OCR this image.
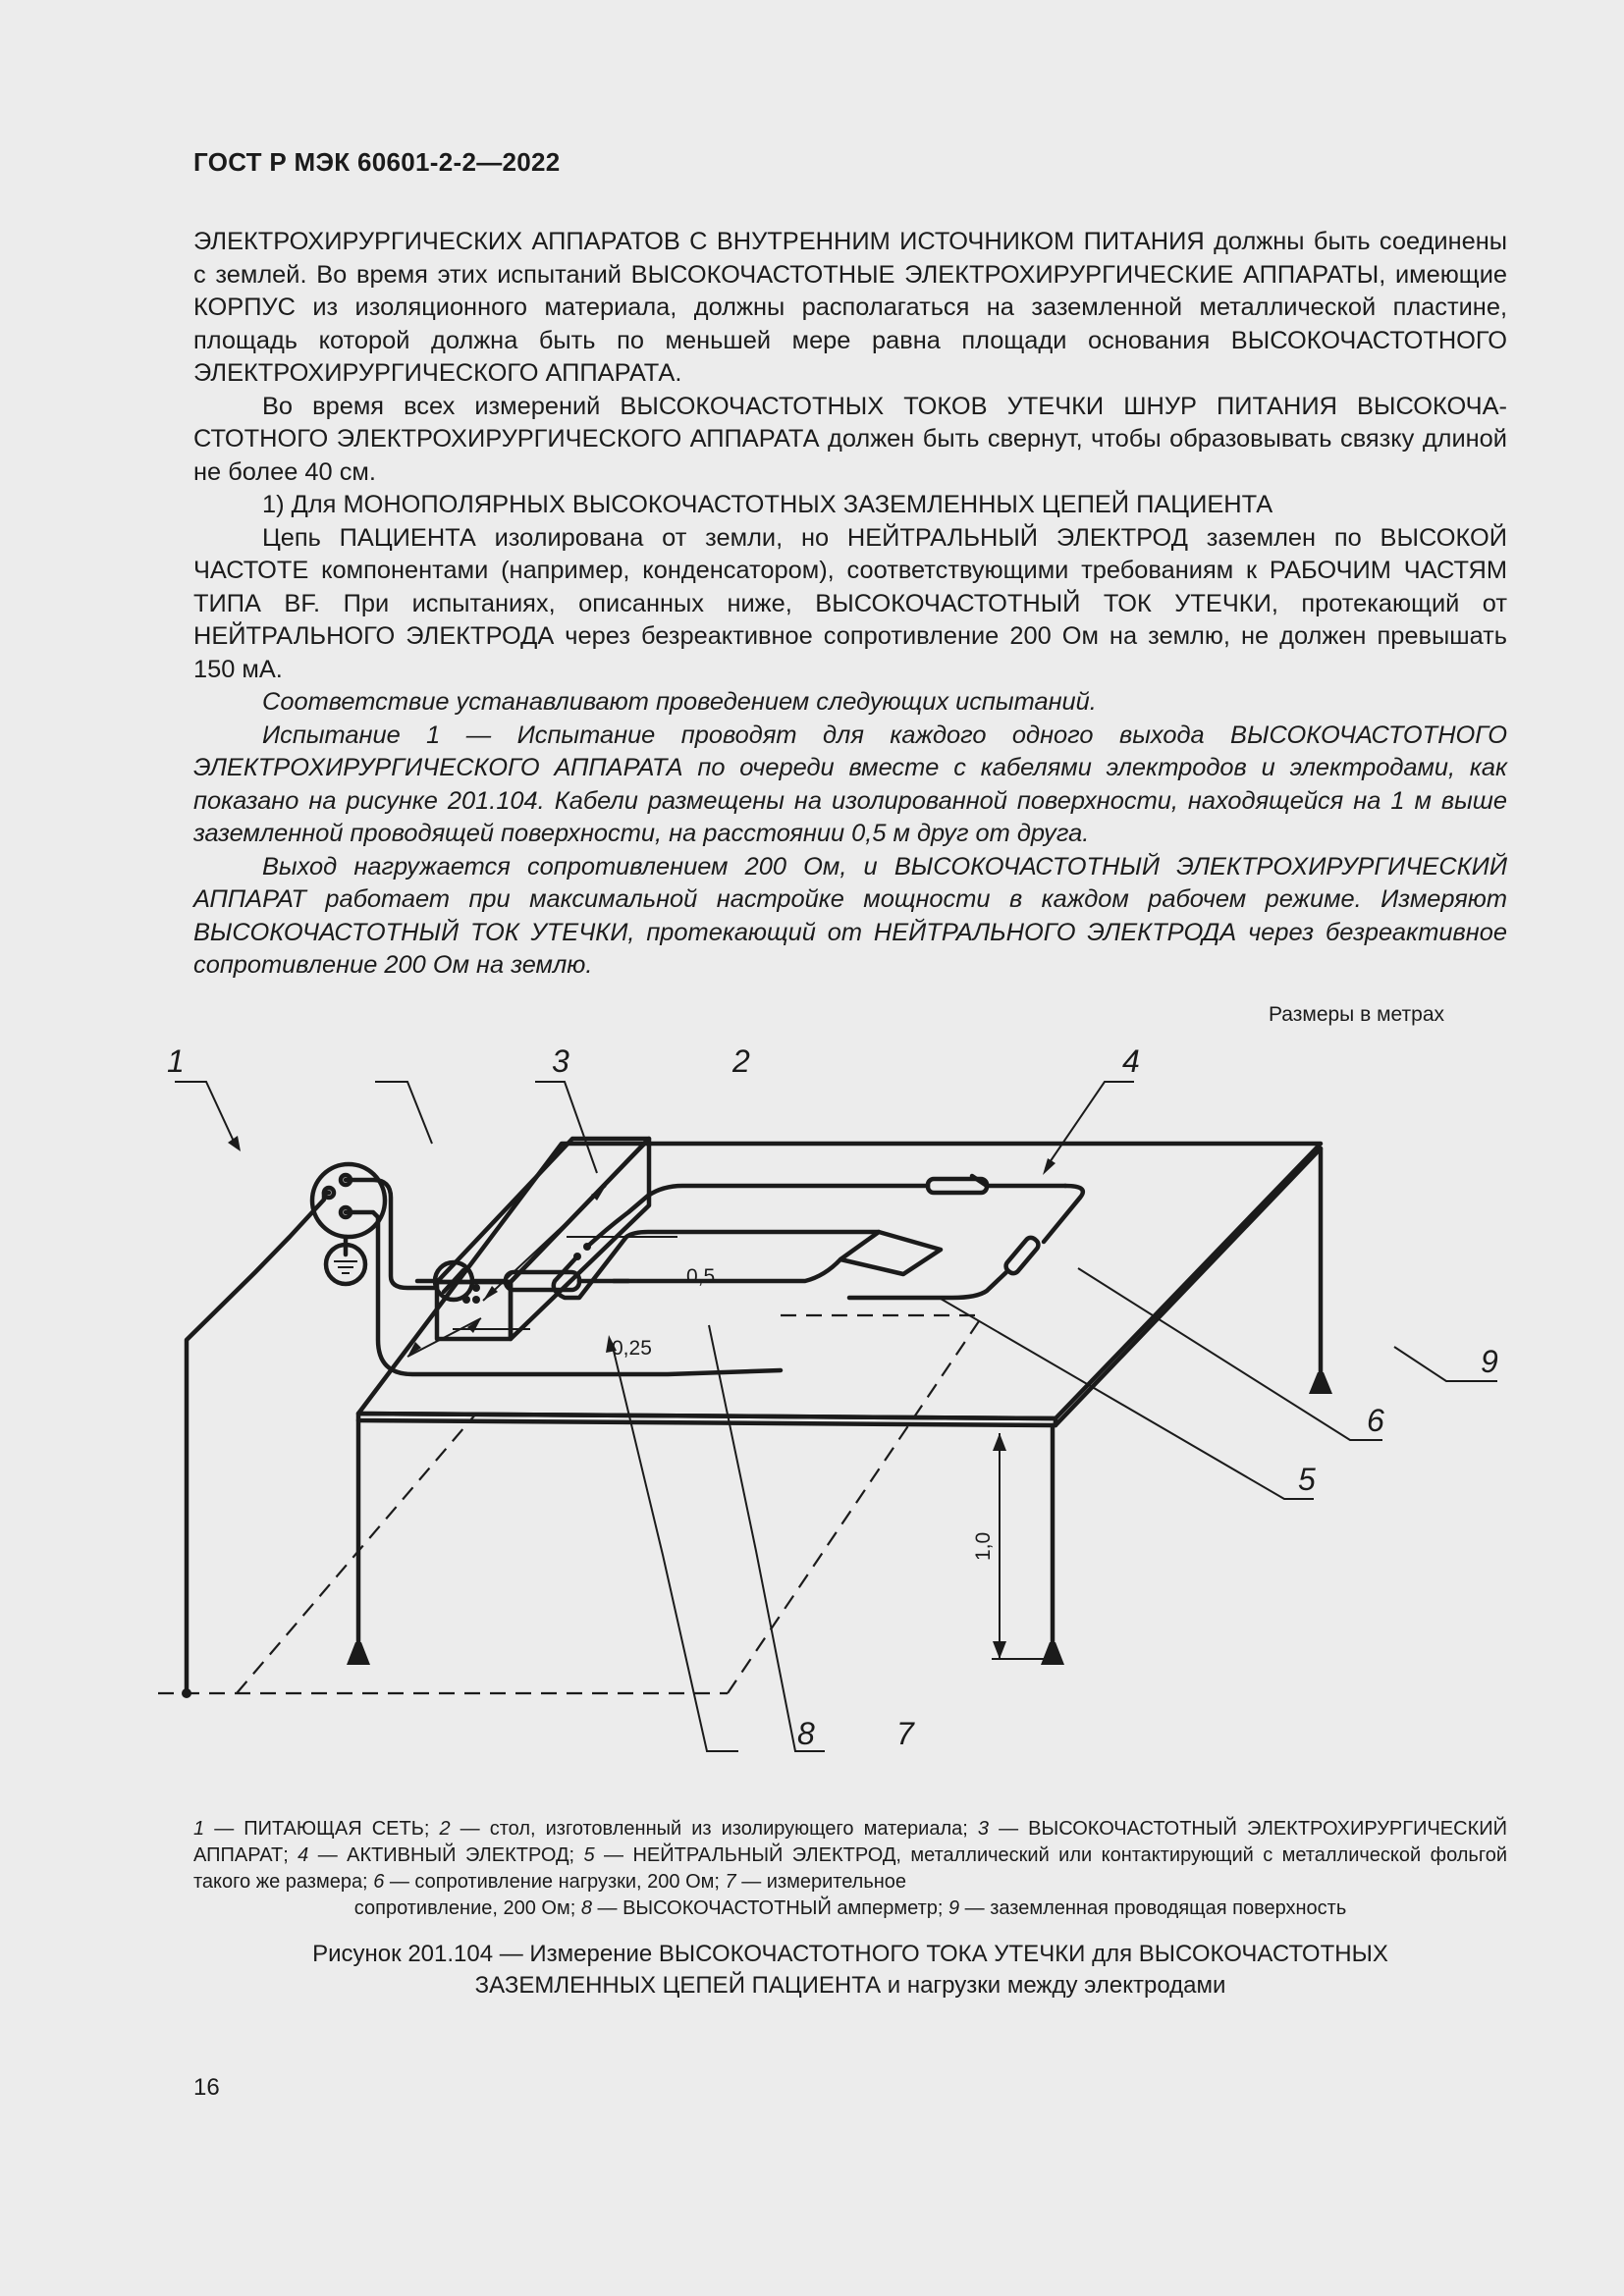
ГОСТ Р МЭК 60601-2-2—2022

ЭЛЕКТРОХИРУРГИЧЕСКИХ АППАРАТОВ С ВНУТРЕННИМ ИСТОЧНИКОМ ПИТАНИЯ должны быть соединены с землей. Во время этих испытаний ВЫСОКОЧАСТОТНЫЕ ЭЛЕКТРОХИРУРГИЧЕСКИЕ АППАРАТЫ, имеющие КОРПУС из изоляционного материала, должны располагаться на заземленной металлической пластине, площадь которой должна быть по меньшей мере равна площади основания ВЫСОКОЧАСТОТНОГО ЭЛЕКТРОХИРУРГИЧЕСКОГО АППАРАТА.

Во время всех измерений ВЫСОКОЧАСТОТНЫХ ТОКОВ УТЕЧКИ ШНУР ПИТАНИЯ ВЫСОКОЧАСТОТНОГО ЭЛЕКТРОХИРУРГИЧЕСКОГО АППАРАТА должен быть свернут, чтобы образовывать связку длиной не более 40 см.

1) Для МОНОПОЛЯРНЫХ ВЫСОКОЧАСТОТНЫХ ЗАЗЕМЛЕННЫХ ЦЕПЕЙ ПАЦИЕНТА

Цепь ПАЦИЕНТА изолирована от земли, но НЕЙТРАЛЬНЫЙ ЭЛЕКТРОД заземлен по ВЫСОКОЙ ЧАСТОТЕ компонентами (например, конденсатором), соответствующими требованиям к РАБОЧИМ ЧАСТЯМ ТИПА BF. При испытаниях, описанных ниже, ВЫСОКОЧАСТОТНЫЙ ТОК УТЕЧКИ, протекающий от НЕЙТРАЛЬНОГО ЭЛЕКТРОДА через безреактивное сопротивление 200 Ом на землю, не должен превышать 150 мА.

Соответствие устанавливают проведением следующих испытаний.

Испытание 1 — Испытание проводят для каждого одного выхода ВЫСОКОЧАСТОТНОГО ЭЛЕКТРОХИРУРГИЧЕСКОГО АППАРАТА по очереди вместе с кабелями электродов и электродами, как показано на рисунке 201.104. Кабели размещены на изолированной поверхности, находящейся на 1 м выше заземленной проводящей поверхности, на расстоянии 0,5 м друг от друга.

Выход нагружается сопротивлением 200 Ом, и ВЫСОКОЧАСТОТНЫЙ ЭЛЕКТРОХИРУРГИЧЕСКИЙ АППАРАТ работает при максимальной настройке мощности в каждом рабочем режиме. Измеряют ВЫСОКОЧАСТОТНЫЙ ТОК УТЕЧКИ, протекающий от НЕЙТРАЛЬНОГО ЭЛЕКТРОДА через безреактивное сопротивление 200 Ом на землю.

Размеры в метрах
1	2
3	4
5
6
7
8
9
0,5
0,25
1,0
1 — ПИТАЮЩАЯ СЕТЬ; 2 — стол, изготовленный из изолирующего материала; 3 — ВЫСОКОЧАСТОТНЫЙ ЭЛЕКТРОХИРУРГИЧЕСКИЙ АППАРАТ; 4 — АКТИВНЫЙ ЭЛЕКТРОД; 5 — НЕЙТРАЛЬНЫЙ ЭЛЕКТРОД, металлический или контактирующий с металлической фольгой такого же размера; 6 — сопротивление нагрузки, 200 Ом; 7 — измерительное
сопротивление, 200 Ом; 8 — ВЫСОКОЧАСТОТНЫЙ амперметр; 9 — заземленная проводящая поверхность
Рисунок 201.104 — Измерение ВЫСОКОЧАСТОТНОГО ТОКА УТЕЧКИ для ВЫСОКОЧАСТОТНЫХ
ЗАЗЕМЛЕННЫХ ЦЕПЕЙ ПАЦИЕНТА и нагрузки между электродами
16
